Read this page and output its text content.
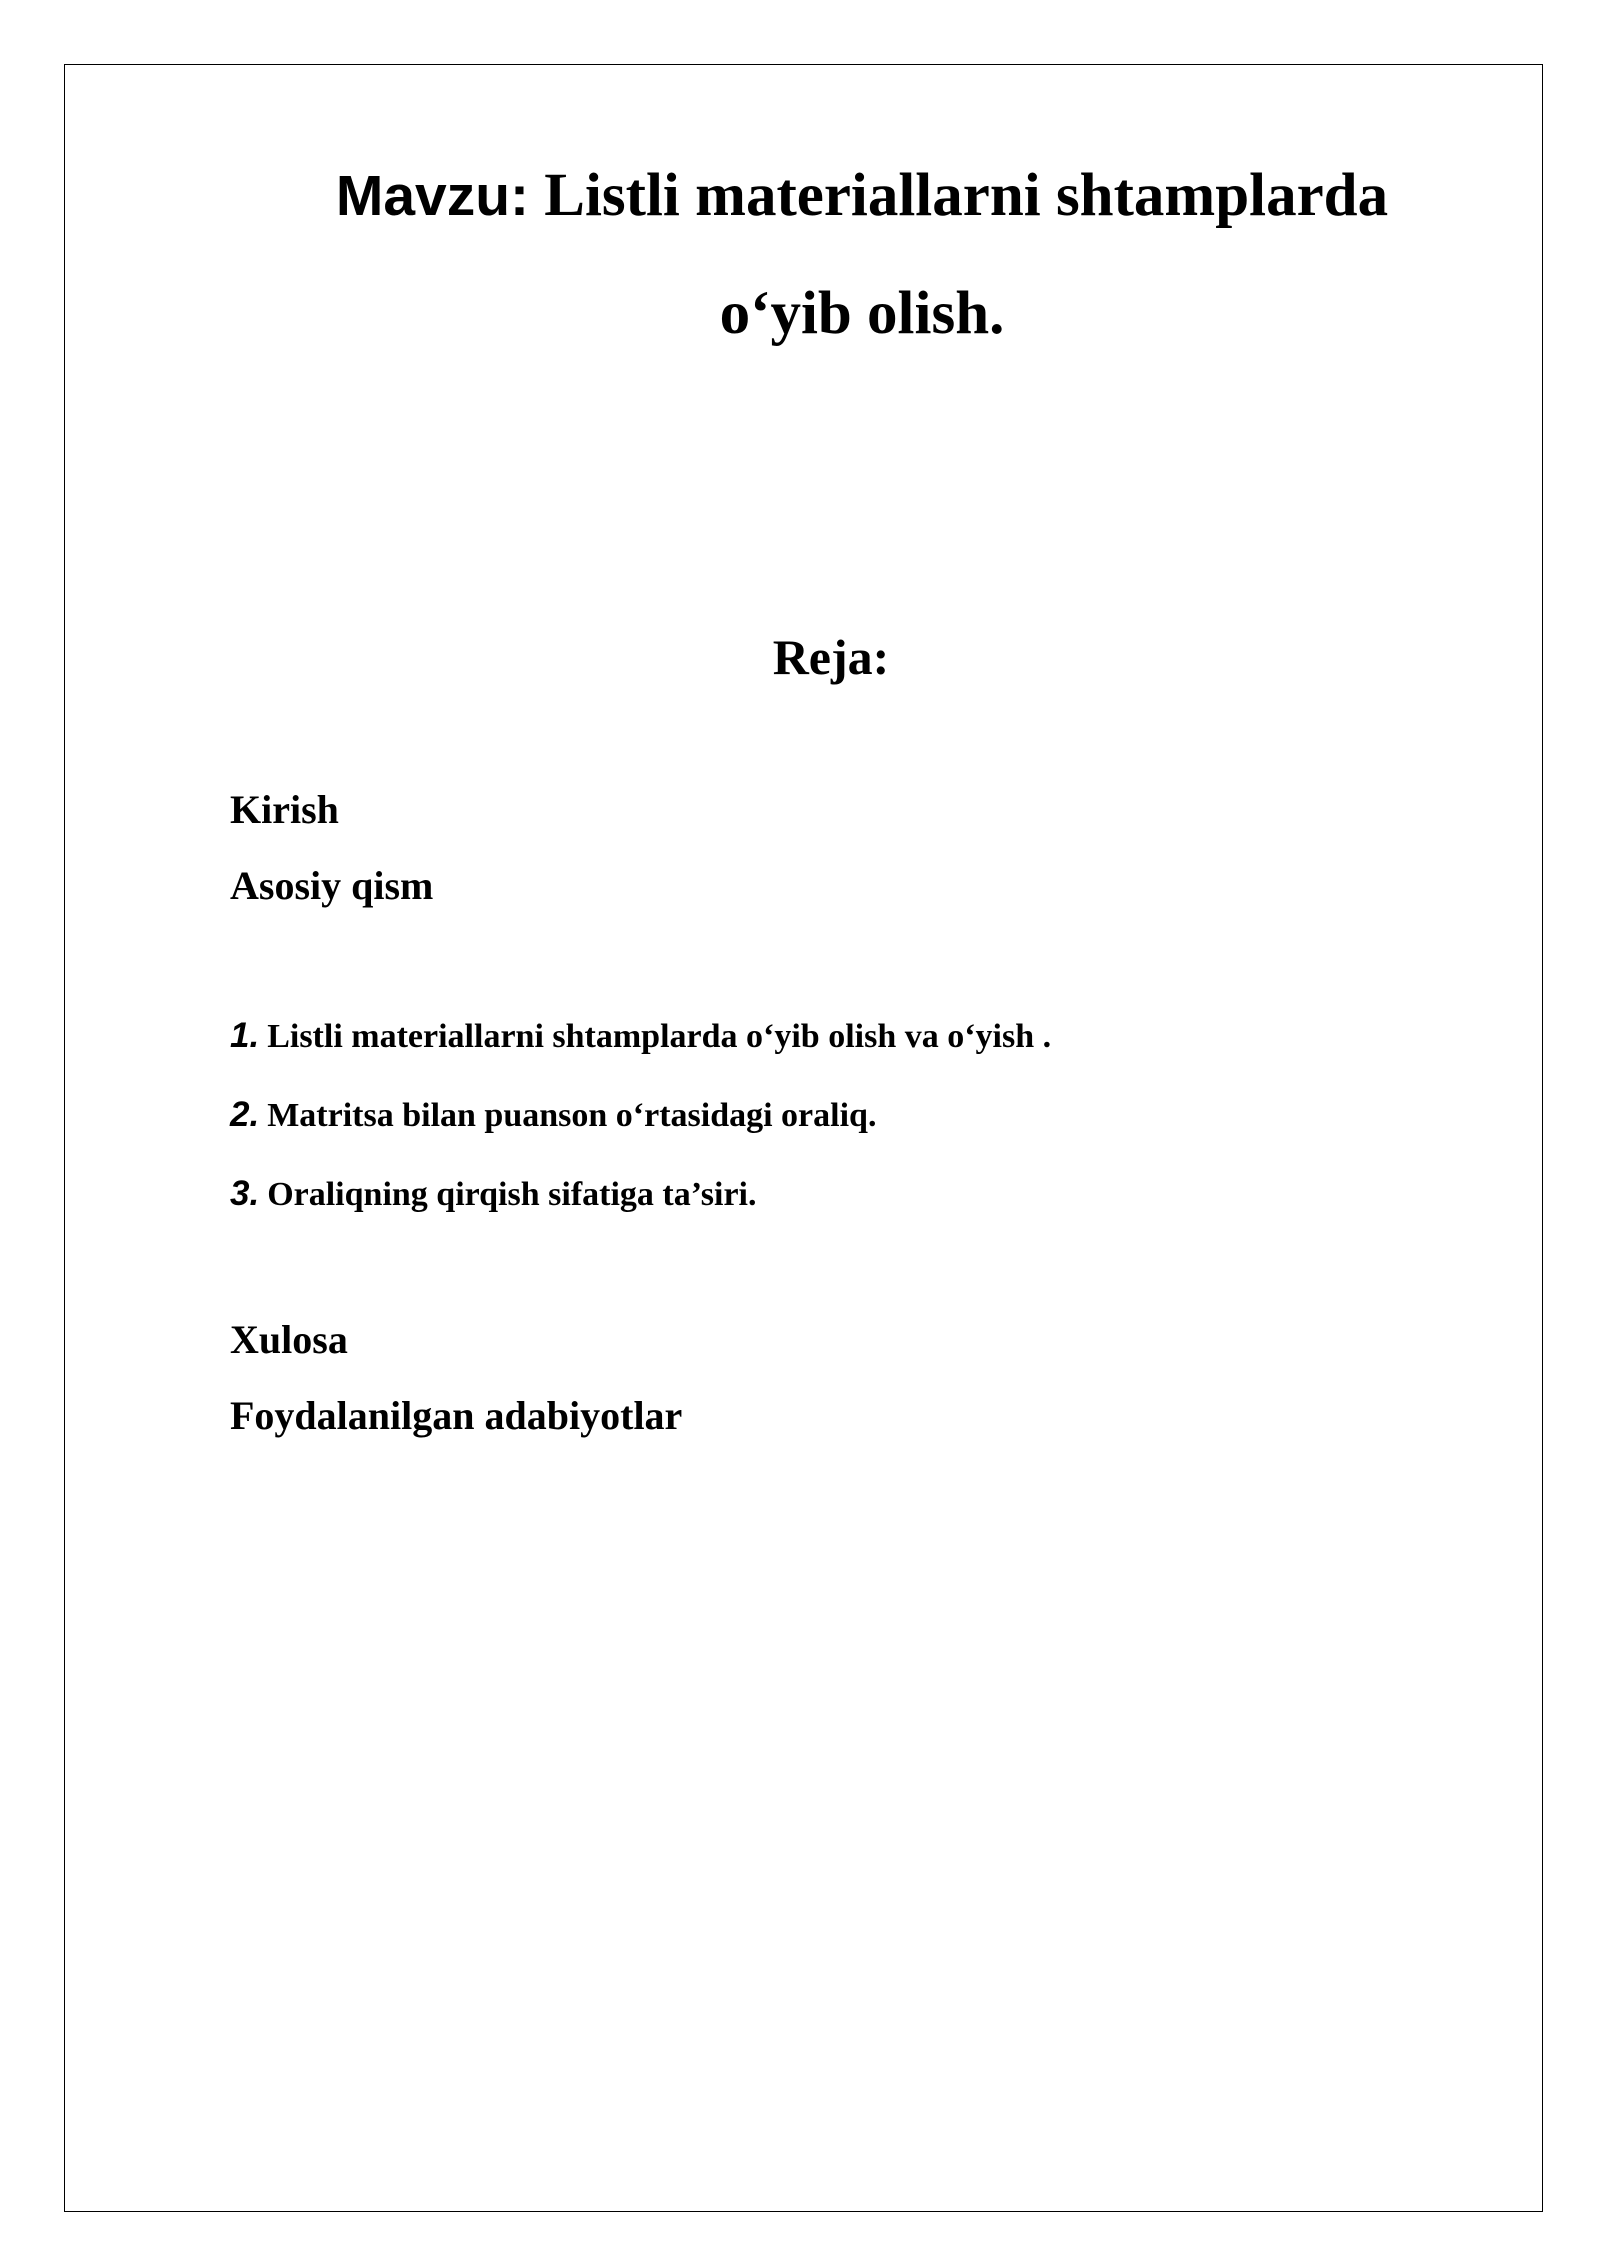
Mavzu: Listli materiallarni shtamplarda
o‘yib olish.
Reja:
Kirish
Asosiy qism
1. Listli materiallarni shtamplarda o‘yib olish va o‘yish .
2. Matritsa bilan puanson o‘rtasidagi oraliq.
3. Oraliqning qirqish sifatiga ta’siri.
Xulosa
Foydalanilgan adabiyotlar
